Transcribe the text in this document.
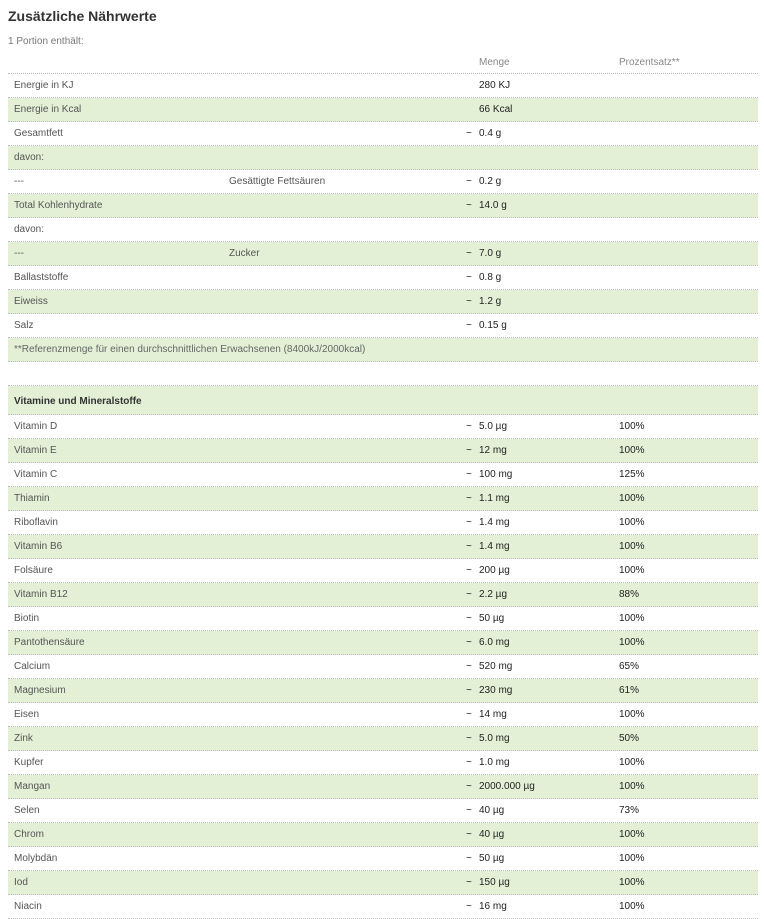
Zusätzliche Nährwerte
1 Portion enthält:
Menge	Prozentsatz**
Energie in KJ	280 KJ
Energie in Kcal	66 Kcal
Gesamtfett	~ 0.4 g
davon:
---	Gesättigte Fettsäuren	~ 0.2 g
Total Kohlenhydrate	~ 14.0 g
davon:
---	Zucker	~ 7.0 g
Ballaststoffe	~ 0.8 g
Eiweiss	~ 1.2 g
Salz	~ 0.15 g
**Referenzmenge für einen durchschnittlichen Erwachsenen (8400kJ/2000kcal)
Vitamine und Mineralstoffe
Vitamin D	~ 5.0 µg	100%
Vitamin E	~ 12 mg	100%
Vitamin C	~ 100 mg	125%
Thiamin	~ 1.1 mg	100%
Riboflavin	~ 1.4 mg	100%
Vitamin B6	~ 1.4 mg	100%
Folsäure	~ 200 µg	100%
Vitamin B12	~ 2.2 µg	88%
Biotin	~ 50 µg	100%
Pantothensäure	~ 6.0 mg	100%
Calcium	~ 520 mg	65%
Magnesium	~ 230 mg	61%
Eisen	~ 14 mg	100%
Zink	~ 5.0 mg	50%
Kupfer	~ 1.0 mg	100%
Mangan	~ 2000.000 µg	100%
Selen	~ 40 µg	73%
Chrom	~ 40 µg	100%
Molybdän	~ 50 µg	100%
Iod	~ 150 µg	100%
Niacin	~ 16 mg	100%
